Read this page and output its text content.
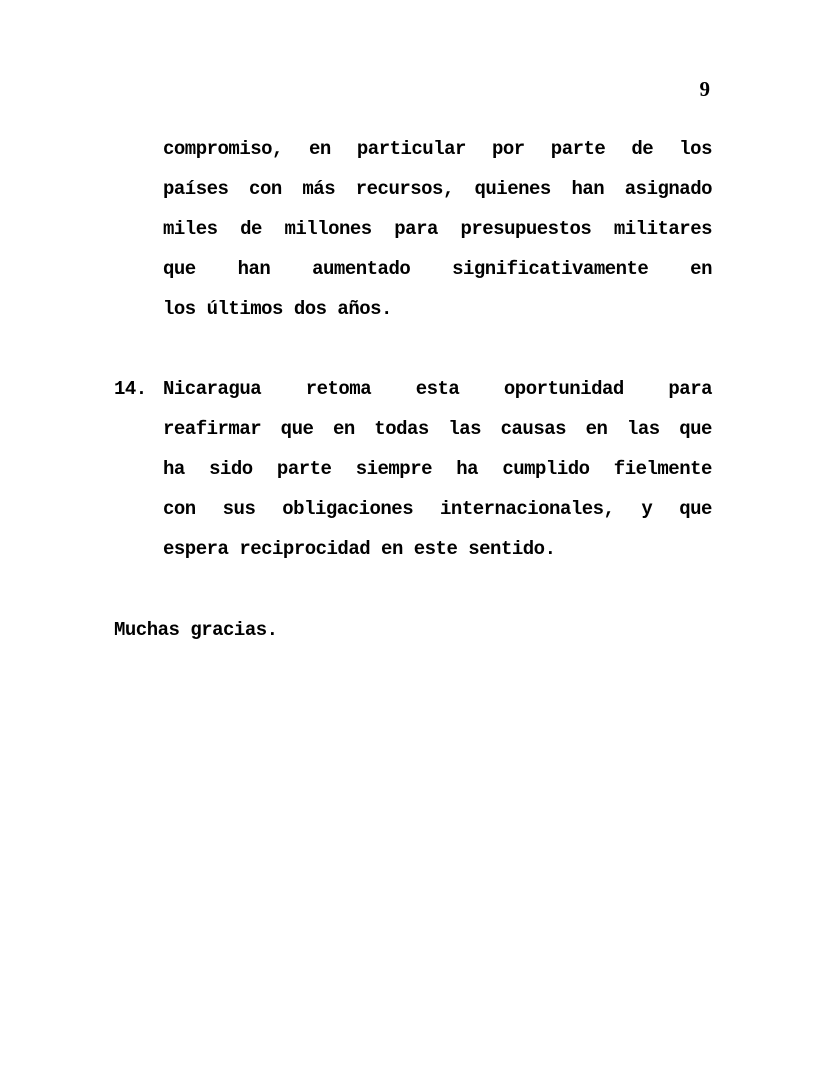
9
compromiso, en particular por parte de los
países con más recursos, quienes han asignado
miles de millones para presupuestos militares
que han aumentado significativamente en
los últimos dos años.
14. Nicaragua retoma esta oportunidad para
reafirmar que en todas las causas en las que
ha sido parte siempre ha cumplido fielmente
con sus obligaciones internacionales, y que
espera reciprocidad en este sentido.
Muchas gracias.
